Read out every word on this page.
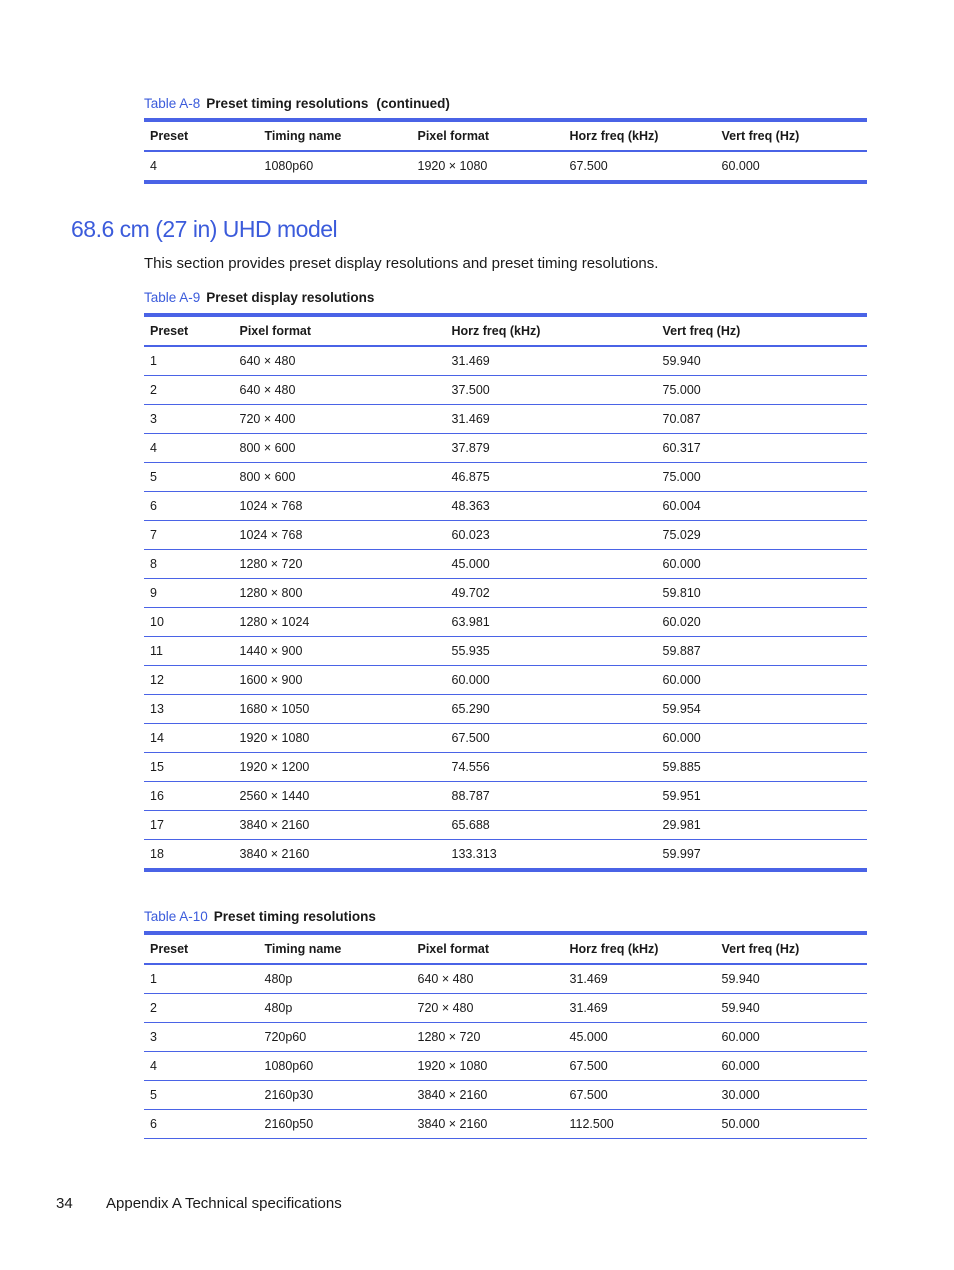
Table A-8 Preset timing resolutions (continued)
Preset	Timing name	Pixel format	Horz freq (kHz)	Vert freq (Hz)
4	1080p60	1920 × 1080	67.500	60.000
68.6 cm (27 in) UHD model
This section provides preset display resolutions and preset timing resolutions.
Table A-9 Preset display resolutions
Preset	Pixel format	Horz freq (kHz)	Vert freq (Hz)
1	640 × 480	31.469	59.940
2	640 × 480	37.500	75.000
3	720 × 400	31.469	70.087
4	800 × 600	37.879	60.317
5	800 × 600	46.875	75.000
6	1024 × 768	48.363	60.004
7	1024 × 768	60.023	75.029
8	1280 × 720	45.000	60.000
9	1280 × 800	49.702	59.810
10	1280 × 1024	63.981	60.020
11	1440 × 900	55.935	59.887
12	1600 × 900	60.000	60.000
13	1680 × 1050	65.290	59.954
14	1920 × 1080	67.500	60.000
15	1920 × 1200	74.556	59.885
16	2560 × 1440	88.787	59.951
17	3840 × 2160	65.688	29.981
18	3840 × 2160	133.313	59.997
Table A-10 Preset timing resolutions
Preset	Timing name	Pixel format	Horz freq (kHz)	Vert freq (Hz)
1	480p	640 × 480	31.469	59.940
2	480p	720 × 480	31.469	59.940
3	720p60	1280 × 720	45.000	60.000
4	1080p60	1920 × 1080	67.500	60.000
5	2160p30	3840 × 2160	67.500	30.000
6	2160p50	3840 × 2160	112.500	50.000
34 Appendix A Technical specifications
